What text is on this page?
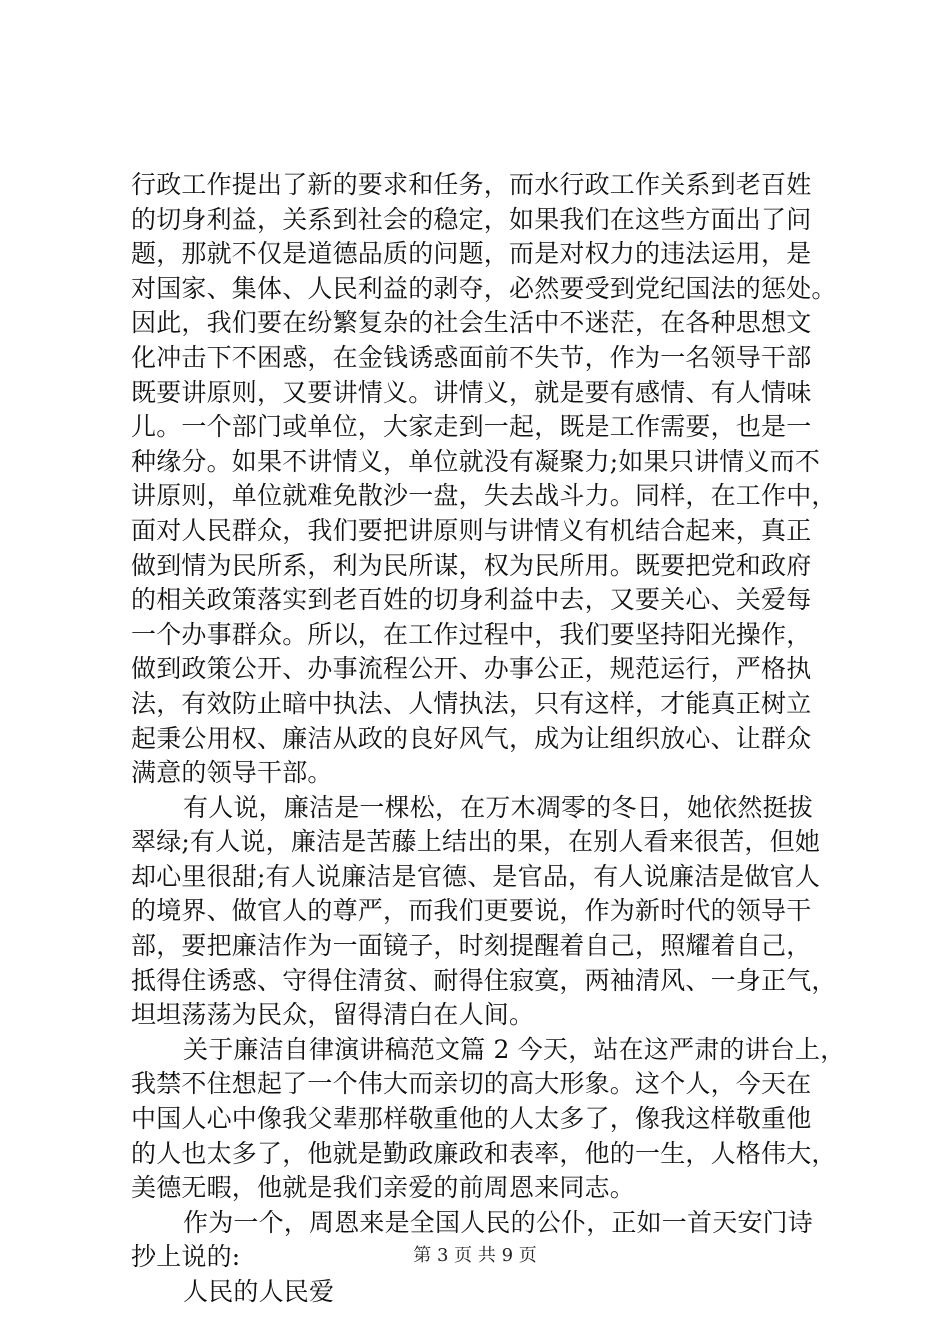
行政工作提出了新的要求和任务，而水行政工作关系到老百姓
的切身利益，关系到社会的稳定，如果我们在这些方面出了问
题，那就不仅是道德品质的问题，而是对权力的违法运用，是
对国家、集体、人民利益的剥夺，必然要受到党纪国法的惩处。
因此，我们要在纷繁复杂的社会生活中不迷茫，在各种思想文
化冲击下不困惑，在金钱诱惑面前不失节，作为一名领导干部
既要讲原则，又要讲情义。讲情义，就是要有感情、有人情味
儿。一个部门或单位，大家走到一起，既是工作需要，也是一
种缘分。如果不讲情义，单位就没有凝聚力;如果只讲情义而不
讲原则，单位就难免散沙一盘，失去战斗力。同样，在工作中，
面对人民群众，我们要把讲原则与讲情义有机结合起来，真正
做到情为民所系，利为民所谋，权为民所用。既要把党和政府
的相关政策落实到老百姓的切身利益中去，又要关心、关爱每
一个办事群众。所以，在工作过程中，我们要坚持阳光操作，
做到政策公开、办事流程公开、办事公正，规范运行，严格执
法，有效防止暗中执法、人情执法，只有这样，才能真正树立
起秉公用权、廉洁从政的良好风气，成为让组织放心、让群众
满意的领导干部。
有人说，廉洁是一棵松，在万木凋零的冬日，她依然挺拔
翠绿;有人说，廉洁是苦藤上结出的果，在别人看来很苦，但她
却心里很甜;有人说廉洁是官德、是官品，有人说廉洁是做官人
的境界、做官人的尊严，而我们更要说，作为新时代的领导干
部，要把廉洁作为一面镜子，时刻提醒着自己，照耀着自己，
抵得住诱惑、守得住清贫、耐得住寂寞，两袖清风、一身正气，
坦坦荡荡为民众，留得清白在人间。
关于廉洁自律演讲稿范文篇 2 今天，站在这严肃的讲台上，
我禁不住想起了一个伟大而亲切的高大形象。这个人，今天在
中国人心中像我父辈那样敬重他的人太多了，像我这样敬重他
的人也太多了，他就是勤政廉政和表率，他的一生，人格伟大，
美德无暇，他就是我们亲爱的前周恩来同志。
作为一个，周恩来是全国人民的公仆，正如一首天安门诗
抄上说的:
人民的人民爱
第 3 页 共 9 页
